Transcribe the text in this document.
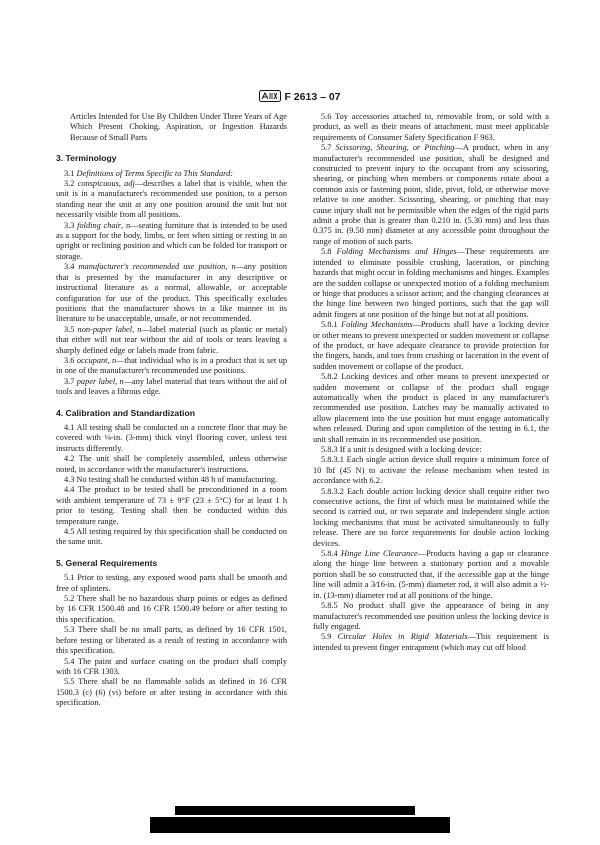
F 2613 – 07

Articles Intended for Use By Children Under Three Years of Age Which Present Choking, Aspiration, or Ingestion Hazards Because of Small Parts

3. Terminology

3.1 Definitions of Terms Specific to This Standard:

3.2 conspicuous, adj—describes a label that is visible, when the unit is in a manufacturer's recommended use position, to a person standing near the unit at any one position around the unit but not necessarily visible from all positions.

3.3 folding chair, n—seating furniture that is intended to be used as a support for the body, limbs, or feet when sitting or resting in an upright or reclining position and which can be folded for transport or storage.

3.4 manufacturer's recommended use position, n—any position that is presented by the manufacturer in any descriptive or instructional literature as a normal, allowable, or acceptable configuration for use of the product. This specifically excludes positions that the manufacturer shows in a like manner in its literature to be unacceptable, unsafe, or not recommended.

3.5 non-paper label, n—label material (such as plastic or metal) that either will not tear without the aid of tools or tears leaving a sharply defined edge or labels made from fabric.

3.6 occupant, n—that individual who is in a product that is set up in one of the manufacturer's recommended use positions.

3.7 paper label, n—any label material that tears without the aid of tools and leaves a fibrous edge.

4. Calibration and Standardization

4.1 All testing shall be conducted on a concrete floor that may be covered with ⅛-in. (3-mm) thick vinyl flooring cover, unless test instructs differently.

4.2 The unit shall be completely assembled, unless otherwise noted, in accordance with the manufacturer's instructions.

4.3 No testing shall be conducted within 48 h of manufacturing.

4.4 The product to be tested shall be preconditioned in a room with ambient temperature of 73 ± 9°F (23 ± 5°C) for at least 1 h prior to testing. Testing shall then be conducted within this temperature range.

4.5 All testing required by this specification shall be conducted on the same unit.

5. General Requirements

5.1 Prior to testing, any exposed wood parts shall be smooth and free of splinters.

5.2 There shall be no hazardous sharp points or edges as defined by 16 CFR 1500.48 and 16 CFR 1500.49 before or after testing to this specification.

5.3 There shall be no small parts, as defined by 16 CFR 1501, before testing or liberated as a result of testing in accordance with this specification.

5.4 The paint and surface coating on the product shall comply with 16 CFR 1303.

5.5 There shall be no flammable solids as defined in 16 CFR 1500.3 (c) (6) (vi) before or after testing in accordance with this specification.

5.6 Toy accessories attached to, removable from, or sold with a product, as well as their means of attachment, must meet applicable requirements of Consumer Safety Specification F 963.

5.7 Scissoring, Shearing, or Pinching—A product, when in any manufacturer's recommended use position, shall be designed and constructed to prevent injury to the occupant from any scissoring, shearing, or pinching when members or components rotate about a common axis or fastening point, slide, pivot, fold, or otherwise move relative to one another. Scissoring, shearing, or pinching that may cause injury shall not be permissible when the edges of the rigid parts admit a probe that is greater than 0.210 in. (5.30 mm) and less than 0.375 in. (9.50 mm) diameter at any accessible point throughout the range of motion of such parts.

5.8 Folding Mechanisms and Hinges—These requirements are intended to eliminate possible crushing, laceration, or pinching hazards that might occur in folding mechanisms and hinges. Examples are the sudden collapse or unexpected motion of a folding mechanism or hinge that produces a scissor action; and the changing clearances at the hinge line between two hinged portions, such that the gap will admit fingers at one position of the hinge but not at all positions.

5.8.1 Folding Mechanisms—Products shall have a locking device or other means to prevent unexpected or sudden movement or collapse of the product, or have adequate clearance to provide protection for the fingers, hands, and toes from crushing or laceration in the event of sudden movement or collapse of the product.

5.8.2 Locking devices and other means to prevent unexpected or sudden movement or collapse of the product shall engage automatically when the product is placed in any manufacturer's recommended use position. Latches may be manually activated to allow placement into the use position but must engage automatically when released. During and upon completion of the testing in 6.1, the unit shall remain in its recommended use position.

5.8.3 If a unit is designed with a locking device:

5.8.3.1 Each single action device shall require a minimum force of 10 lbf (45 N) to activate the release mechanism when tested in accordance with 6.2.

5.8.3.2 Each double action locking device shall require either two consecutive actions, the first of which must be maintained while the second is carried out, or two separate and independent single action locking mechanisms that must be activated simultaneously to fully release. There are no force requirements for double action locking devices.

5.8.4 Hinge Line Clearance—Products having a gap or clearance along the hinge line between a stationary portion and a movable portion shall be so constructed that, if the accessible gap at the hinge line will admit a 3⁄16-in. (5-mm) diameter rod, it will also admit a ½-in. (13-mm) diameter rod at all positions of the hinge.

5.8.5 No product shall give the appearance of being in any manufacturer's recommended use position unless the locking device is fully engaged.

5.9 Circular Holes in Rigid Materials—This requirement is intended to prevent finger entrapment (which may cut off blood
